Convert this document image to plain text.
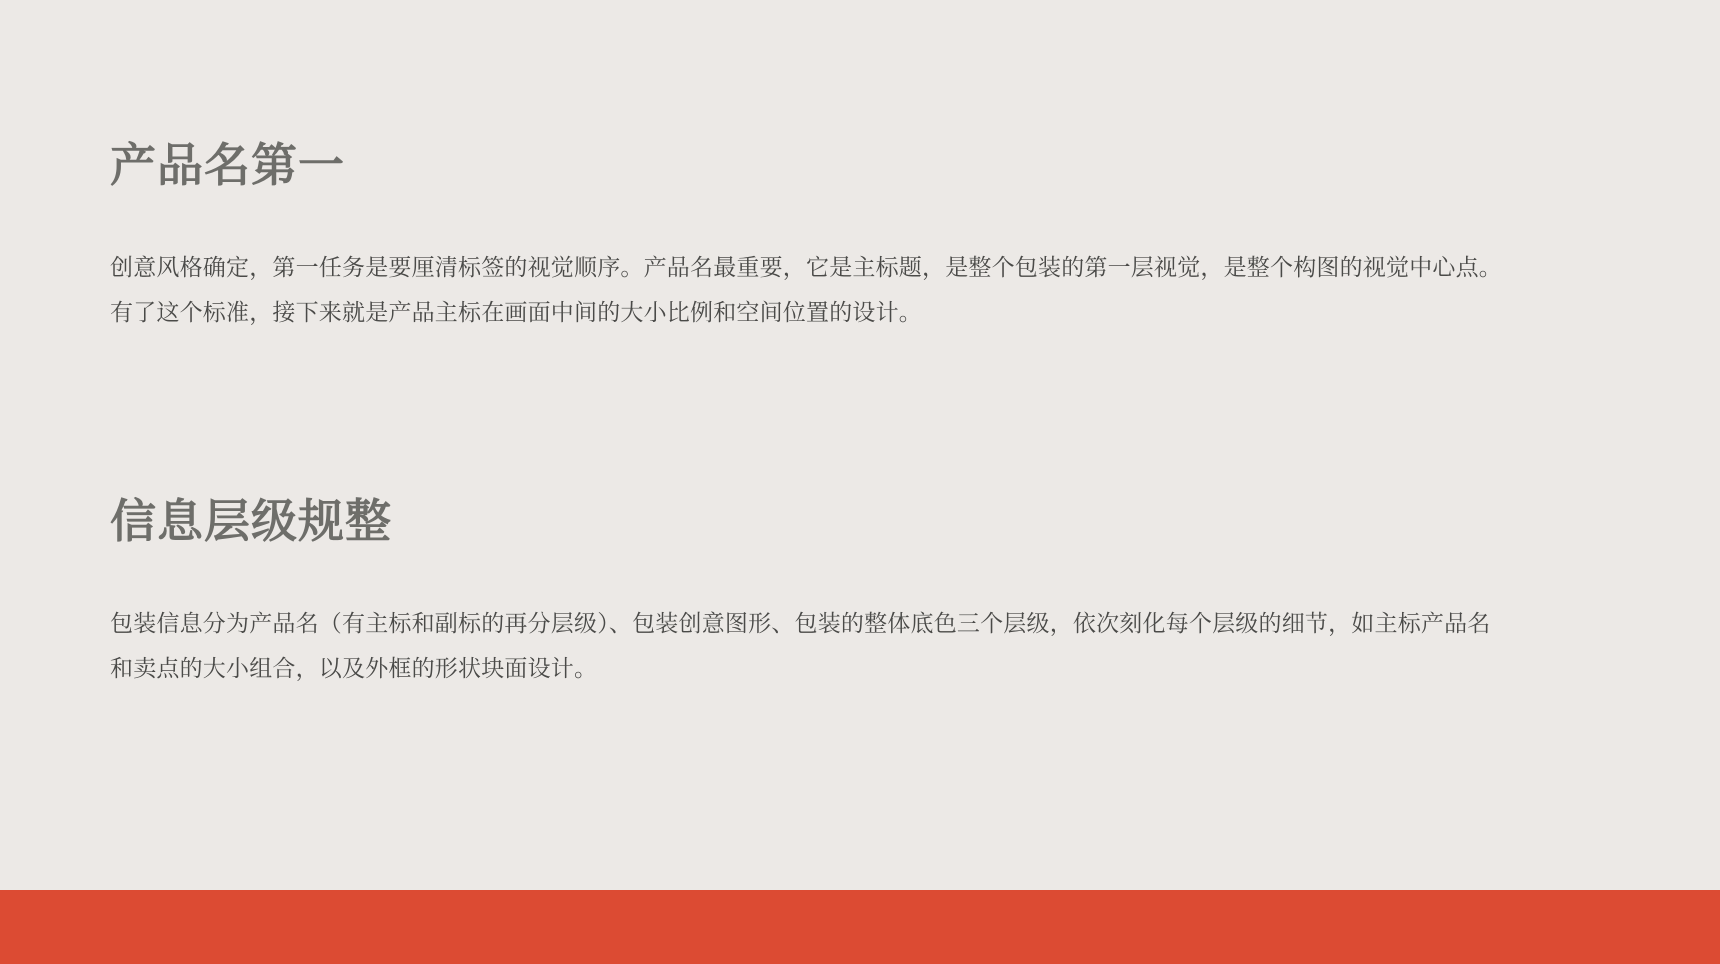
产品名第一

创意风格确定，第一任务是要厘清标签的视觉顺序。产品名最重要，它是主标题，是整个包装的第一层视觉，是整个构图的视觉中心点。有了这个标准，接下来就是产品主标在画面中间的大小比例和空间位置的设计。

信息层级规整

包装信息分为产品名（有主标和副标的再分层级）、包装创意图形、包装的整体底色三个层级，依次刻化每个层级的细节，如主标产品名和卖点的大小组合，以及外框的形状块面设计。
